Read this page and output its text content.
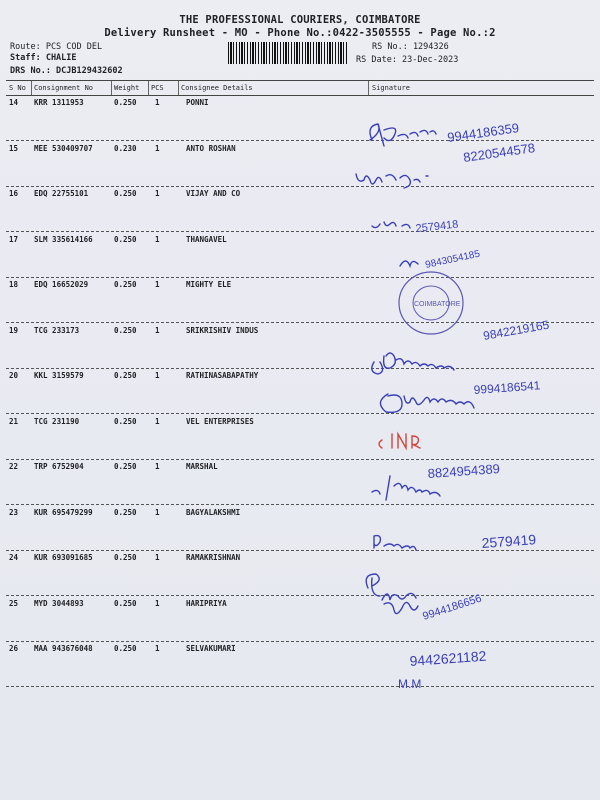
THE PROFESSIONAL COURIERS, COIMBATORE
Delivery Runsheet - MO - Phone No.:0422-3505555 - Page No.:2
Route: PCS COD DEL
Staff: CHALIE
DRS No.: DCJB129432602
RS No.: 1294326
RS Date: 23-Dec-2023
S No Consignment No	Weight PCS Consignee Details	Signature
14 KRR 1311953	0.250 1	PONNI
15 MEE 530409707	0.230 1	ANTO ROSHAN
16 EDQ 22755101	0.250 1	VIJAY AND CO
17 SLM 335614166	0.250 1	THANGAVEL
18 EDQ 16652029	0.250 1	MIGHTY ELE
19 TCG 233173	0.250 1	SRIKRISHIV INDUS
20 KKL 3159579	0.250 1	RATHINASABAPATHY
21 TCG 231190	0.250 1	VEL ENTERPRISES
22 TRP 6752904	0.250 1	MARSHAL
23 KUR 695479299	0.250 1	BAGYALAKSHMI
24 KUR 693091685	0.250 1	RAMAKRISHNAN
25 MYD 3044893	0.250 1	HARIPRIYA
26 MAA 943676048	0.250 1	SELVAKUMARI
9944186359
8220544578
2579418
9843054185
9842219165
9994186541
8824954389
2579419
9944186656
9442621182
M.M
COIMBATORE
